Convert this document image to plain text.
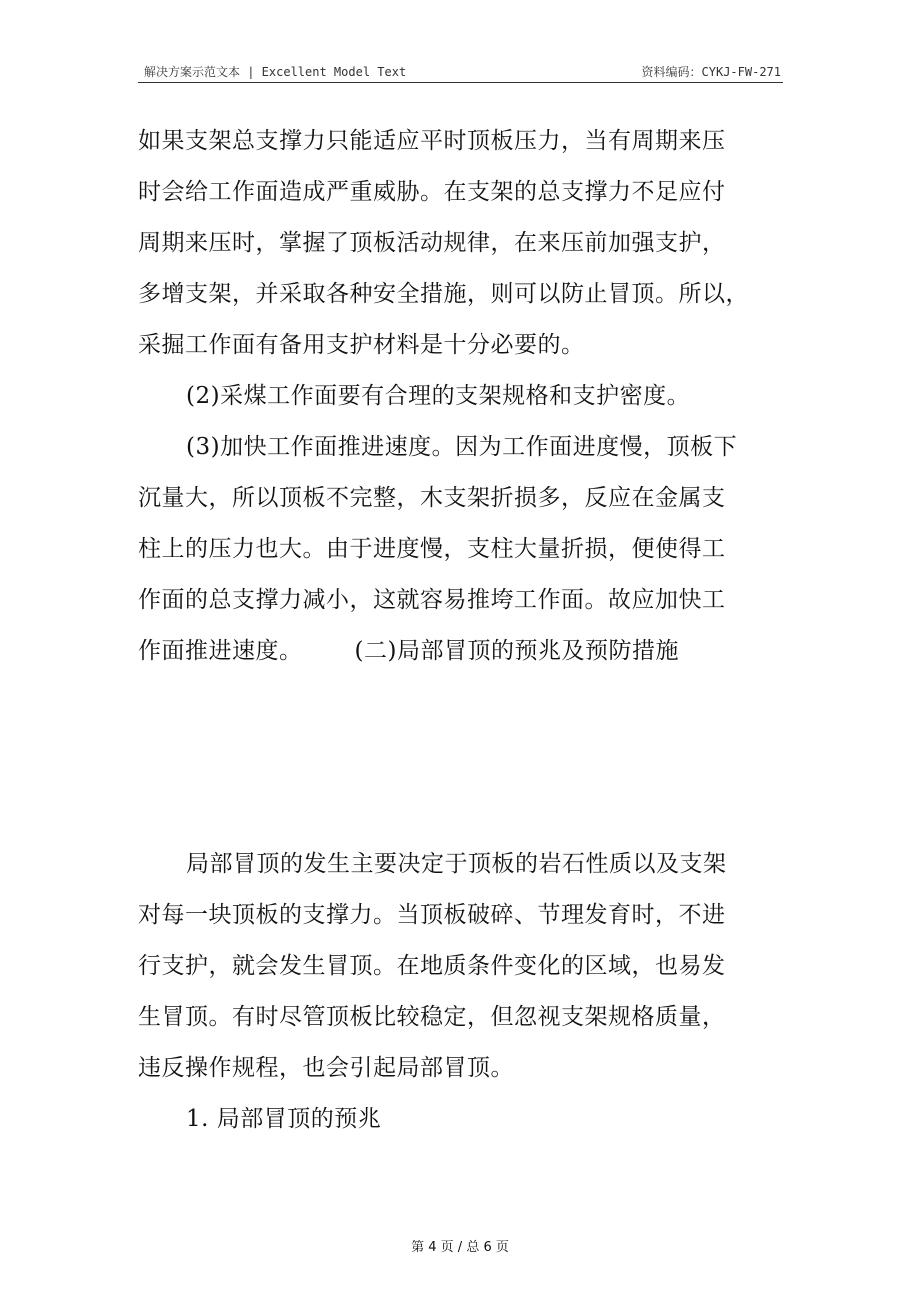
解决方案示范文本 | Excellent Model Text	资料编码：CYKJ-FW-271
如果支架总支撑力只能适应平时顶板压力，当有周期来压
时会给工作面造成严重威胁。在支架的总支撑力不足应付
周期来压时，掌握了顶板活动规律，在来压前加强支护，
多增支架，并采取各种安全措施，则可以防止冒顶。所以，
采掘工作面有备用支护材料是十分必要的。
(2)采煤工作面要有合理的支架规格和支护密度。
(3)加快工作面推进速度。因为工作面进度慢，顶板下
沉量大，所以顶板不完整，木支架折损多，反应在金属支
柱上的压力也大。由于进度慢，支柱大量折损，便使得工
作面的总支撑力减小，这就容易推垮工作面。故应加快工
作面推进速度。 (二)局部冒顶的预兆及预防措施
局部冒顶的发生主要决定于顶板的岩石性质以及支架
对每一块顶板的支撑力。当顶板破碎、节理发育时，不进
行支护，就会发生冒顶。在地质条件变化的区域，也易发
生冒顶。有时尽管顶板比较稳定，但忽视支架规格质量，
违反操作规程，也会引起局部冒顶。
1. 局部冒顶的预兆
第 4 页 / 总 6 页
